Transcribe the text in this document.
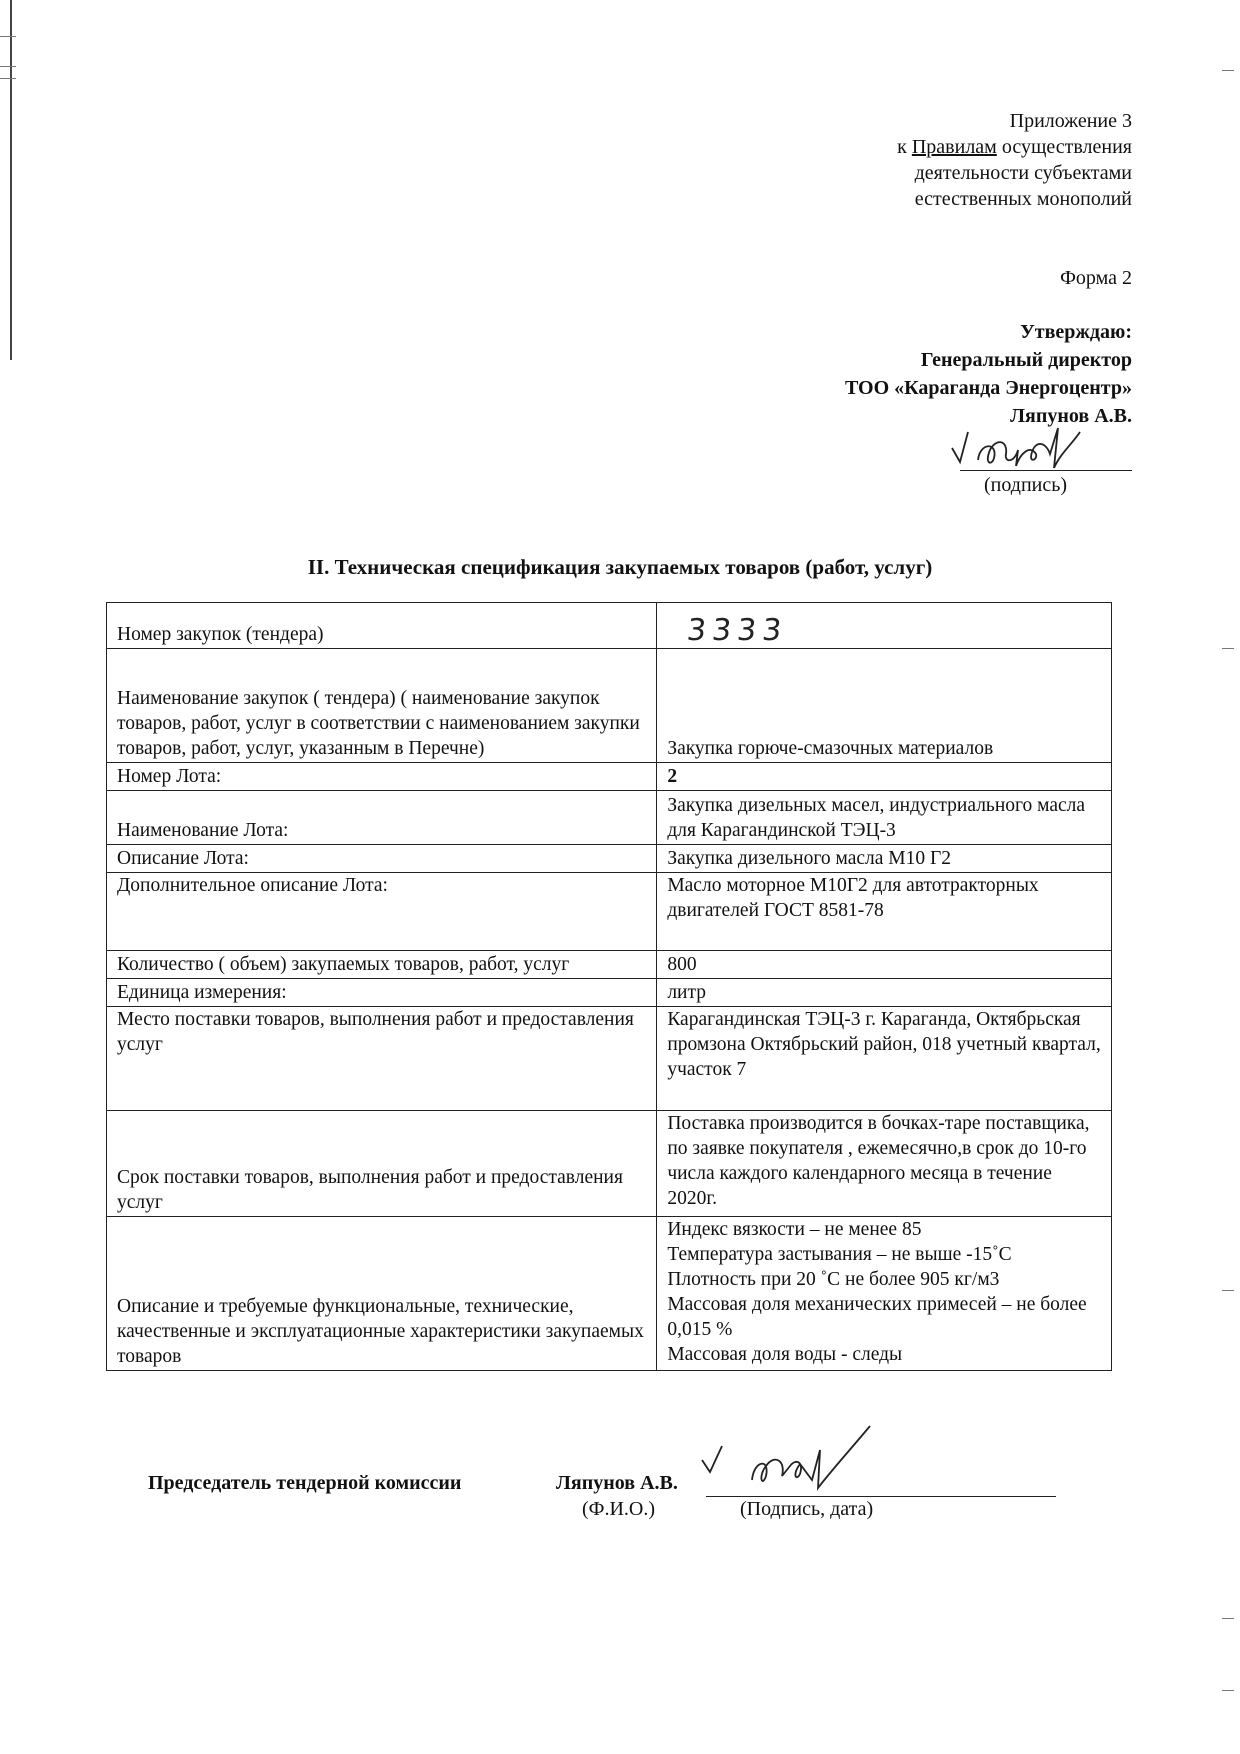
Приложение 3
к Правилам осуществления
деятельности субъектами
естественных монополий
Форма 2
Утверждаю:
Генеральный директор
ТОО «Караганда Энергоцентр»
Ляпунов А.В.
(подпись)
II. Техническая спецификация закупаемых товаров (работ, услуг)
Номер закупок (тендера)	3333
Наименование закупок ( тендера) ( наименование закупок товаров, работ, услуг в соответствии с наименованием закупки товаров, работ, услуг, указанным в Перечне)	Закупка горюче-смазочных материалов
Номер Лота:	2
Наименование Лота:	Закупка дизельных масел, индустриального масла для Карагандинской ТЭЦ-3
Описание Лота:	Закупка дизельного масла М10 Г2
Дополнительное описание Лота:	Масло моторное М10Г2 для автотракторных двигателей ГОСТ 8581-78
Количество ( объем) закупаемых товаров, работ, услуг	800
Единица измерения:	литр
Место поставки товаров, выполнения работ и предоставления услуг	Карагандинская ТЭЦ-3 г. Караганда, Октябрьская промзона Октябрьский район, 018 учетный квартал, участок 7
Срок поставки товаров, выполнения работ и предоставления услуг	Поставка производится в бочках-таре поставщика, по заявке покупателя , ежемесячно,в срок до 10-го числа каждого календарного месяца в течение 2020г.
Описание и требуемые функциональные, технические, качественные и эксплуатационные характеристики закупаемых товаров	Индекс вязкости – не менее 85
Температура застывания – не выше -15˚С
Плотность при 20 ˚С не более 905 кг/м3
Массовая доля механических примесей – не более 0,015 %
Массовая доля воды - следы
Председатель тендерной комиссии	Ляпунов А.В.
(Ф.И.О.)	(Подпись, дата)
